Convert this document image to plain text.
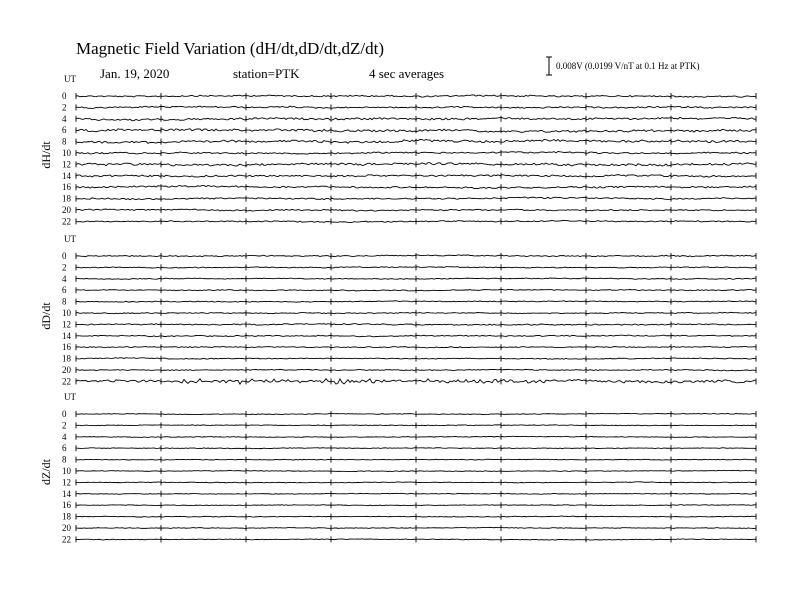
Magnetic Field Variation (dH/dt,dD/dt,dZ/dt)
Jan. 19, 2020	station=PTK	4 sec averages	0.008V (0.0199 V/nT at 0.1 Hz at PTK)
UT
dH/dt
0
2
4
6
8
10
12
14
16
18
20
22
UT
dD/dt
0
2
4
6
8
10
12
14
16
18
20
22
UT
dZ/dt
0
2
4
6
8
10
12
14
16
18
20
22
